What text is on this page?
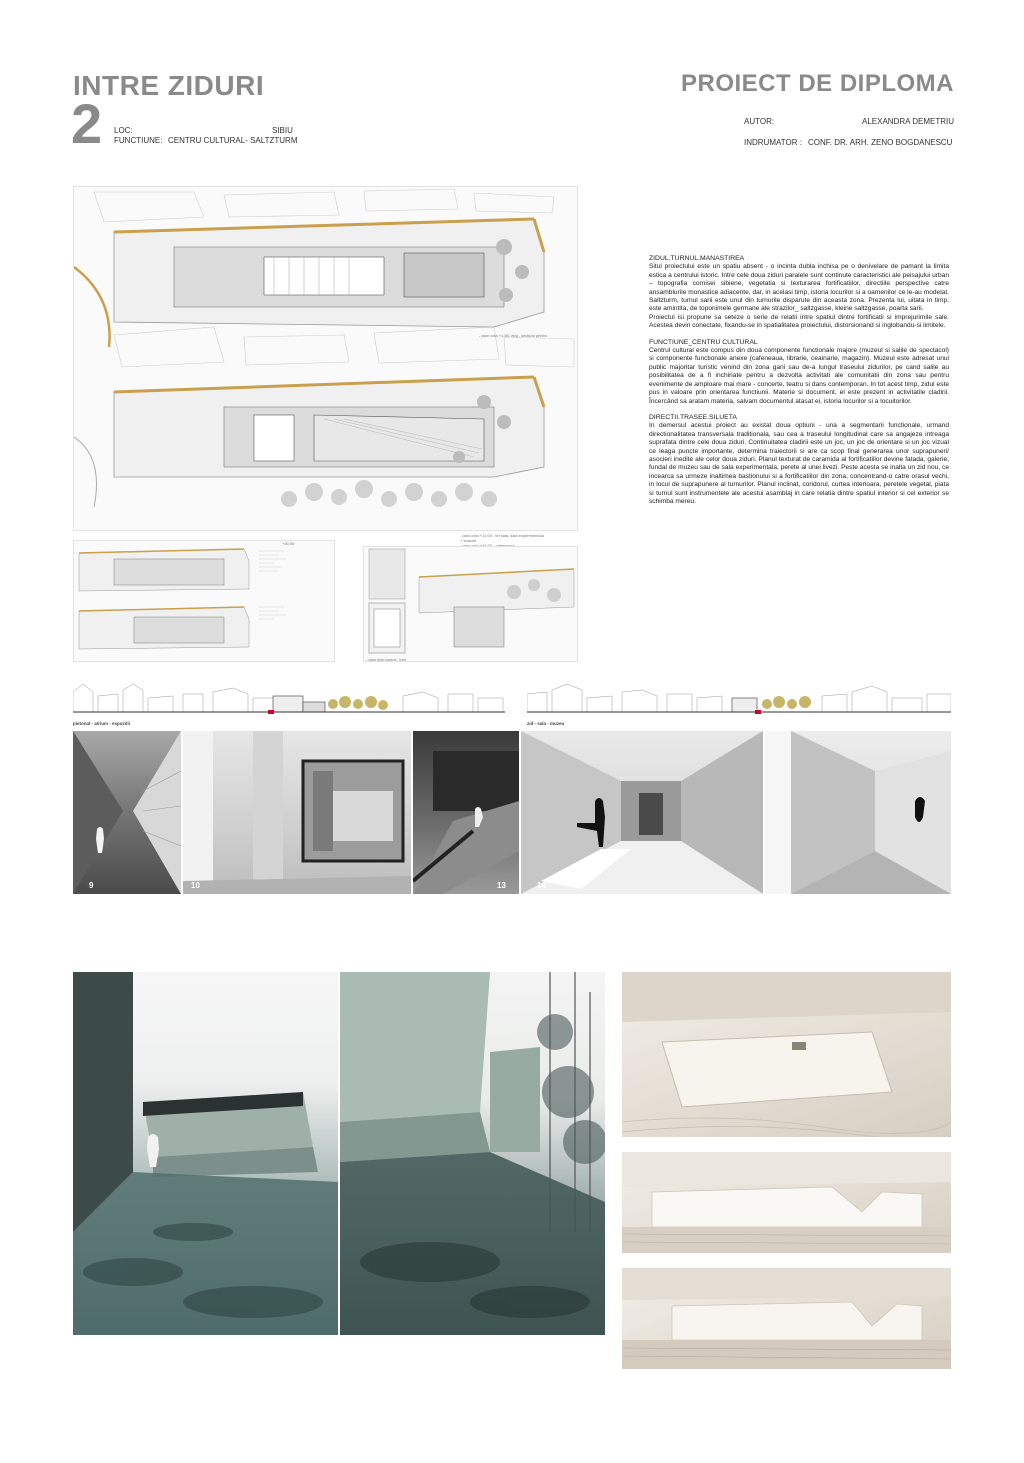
INTRE ZIDURI
2 LOC:	SIBIU
FUNCTIUNE: CENTRU CULTURAL- SALTZTURM
PROIECT DE DIPLOMA
AUTOR:	ALEXANDRA DEMETRIU
INDRUMATOR : CONF. DR. ARH. ZENO BOGDANESCU
- plan cota +1.50, etaj - sectiuni pentru
+00.00
- plan cota +11.00 - tiri sala, sala experimentala
+ scaune
- plan etaj curent - turn
ZIDUL.TURNUL.MANASTIREA

Situl proiectului este un spatiu absent - o incinta dubla inchisa pe o denivelare de pamant la limita estica a centrului istoric. Intre cele doua ziduri paralele sunt continute caracteristici ale peisajului urban – topografia cornisei sibiene, vegetatia si texturarea fortificatiilor, directiile perspective catre ansamblurile monastice adiacente, dar, in acelasi timp, istoria locurilor si a oamenilor ce le-au modelat. Saltzturm, turnul sarii este unul din turnurile disparute din aceasta zona. Prezenta lui, uitata in timp, este amintita, de toponimele germane ale strazilor_ saltzgasse, kleine saltzgasse, poarta sarii.

Proiectul isi propune sa seteze o serie de relatii intre spatiul dintre fortificatii si imprejurimile sale. Acestea devin conectate, fixandu-se in spatialitatea proiectului, distorsionand si inglobandu-si limitele.

FUNCTIUNE_CENTRU CULTURAL

Centrul cultural este compus din doua componente functionale majore (muzeul si salile de spectacol) si componente functionale anexe (cafeneaua, librarie, ceainarie, magazin). Muzeul este adresat unui public majoritar turistic venind din zona garii sau de-a lungul traseului zidurilor, pe cand salile au posibilitatea de a fi inchiriate pentru a dezvolta activitati ale comunitatii din zona sau pentru evenimente de amploare mai mare - concerte, teatru si dans contemporan. In tot acest timp, zidul este pus in valoare prin orientarea functiunii. Materie si document, el este prezent in activitatile cladirii. Încercând sa aratam materia, salvam documentul atasat ei, istoria locurilor si a locuitorilor.

DIRECTII.TRASEE.SILUETA

In demersul acestui proiect au existat doua optiuni - una a segmentarii functionale, urmand directionalitatea transversala traditionala, sau cea a traseului longitudinal care sa angajeze intreaga suprafata dintre cele doua ziduri. Continuitatea cladirii este un joc, un joc de orientare si un joc vizual ce leaga puncte importante, determina traiectorii si are ca scop final generarea unor suprapuneri/ asocieri inedite ale celor doua ziduri. Planul texturat de caramida al fortificatiilor devine fatada, galerie, fundal de muzeu sau de sala experimentala, perete al unei livezi. Peste acesta se inalta un zid nou, ce incearca sa urmeze inaltimea bastionului si a fortificatiilor din zona, concentrand-o catre orasul vechi, in locul de suprapunere al turnurilor. Planul inclinat, coridorul, curtea interioara, peretele vegetal, piata si turnul sunt instrumentele ale acestui asamblaj in care relatia dintre spatiul interior si cel exterior se schimba mereu.

pietonal - atrium - expozitii	zid - sala - muzeu
9	10	13	14
